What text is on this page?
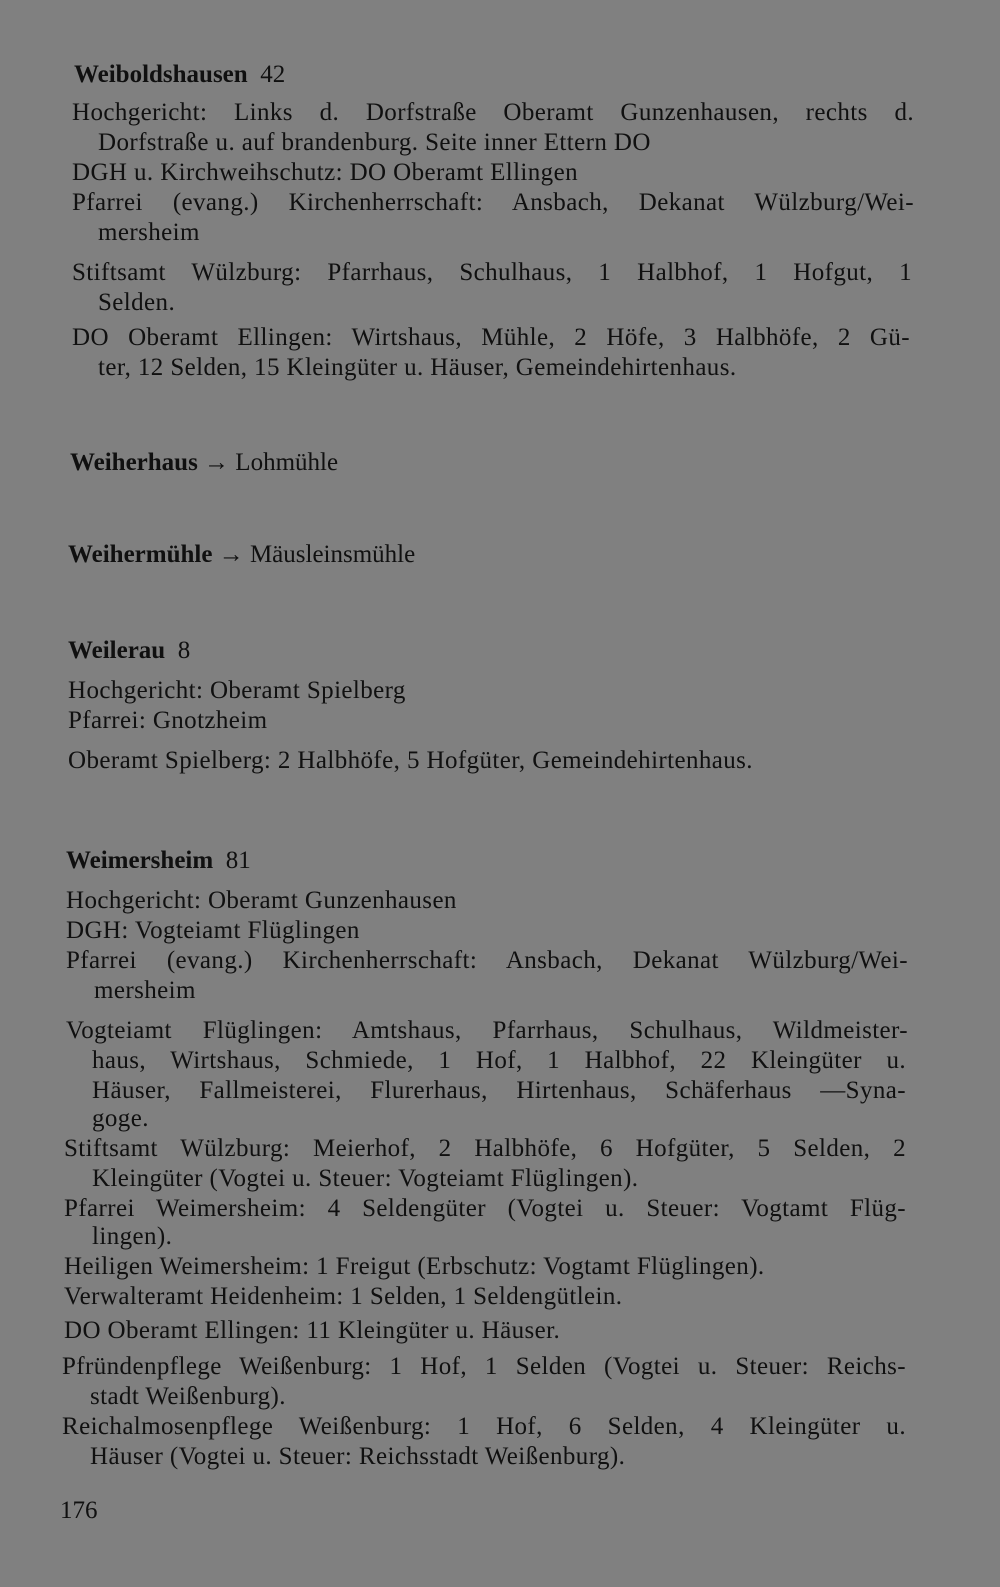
Weiboldshausen 42
Hochgericht: Links d. Dorfstraße Oberamt Gunzenhausen, rechts d.
Dorfstraße u. auf brandenburg. Seite inner Ettern DO
DGH u. Kirchweihschutz: DO Oberamt Ellingen
Pfarrei (evang.) Kirchenherrschaft: Ansbach, Dekanat Wülzburg/Wei-
mersheim
Stiftsamt Wülzburg: Pfarrhaus, Schulhaus, 1 Halbhof, 1 Hofgut, 1
Selden.
DO Oberamt Ellingen: Wirtshaus, Mühle, 2 Höfe, 3 Halbhöfe, 2 Gü-
ter, 12 Selden, 15 Kleingüter u. Häuser, Gemeindehirtenhaus.
Weiherhaus → Lohmühle
Weihermühle → Mäusleinsmühle
Weilerau 8
Hochgericht: Oberamt Spielberg
Pfarrei: Gnotzheim
Oberamt Spielberg: 2 Halbhöfe, 5 Hofgüter, Gemeindehirtenhaus.
Weimersheim 81
Hochgericht: Oberamt Gunzenhausen
DGH: Vogteiamt Flüglingen
Pfarrei (evang.) Kirchenherrschaft: Ansbach, Dekanat Wülzburg/Wei-
mersheim
Vogteiamt Flüglingen: Amtshaus, Pfarrhaus, Schulhaus, Wildmeister-
haus, Wirtshaus, Schmiede, 1 Hof, 1 Halbhof, 22 Kleingüter u.
Häuser, Fallmeisterei, Flurerhaus, Hirtenhaus, Schäferhaus —Syna-
goge.
Stiftsamt Wülzburg: Meierhof, 2 Halbhöfe, 6 Hofgüter, 5 Selden, 2
Kleingüter (Vogtei u. Steuer: Vogteiamt Flüglingen).
Pfarrei Weimersheim: 4 Seldengüter (Vogtei u. Steuer: Vogtamt Flüg-
lingen).
Heiligen Weimersheim: 1 Freigut (Erbschutz: Vogtamt Flüglingen).
Verwalteramt Heidenheim: 1 Selden, 1 Seldengütlein.
DO Oberamt Ellingen: 11 Kleingüter u. Häuser.
Pfründenpflege Weißenburg: 1 Hof, 1 Selden (Vogtei u. Steuer: Reichs-
stadt Weißenburg).
Reichalmosenpflege Weißenburg: 1 Hof, 6 Selden, 4 Kleingüter u.
Häuser (Vogtei u. Steuer: Reichsstadt Weißenburg).
176
